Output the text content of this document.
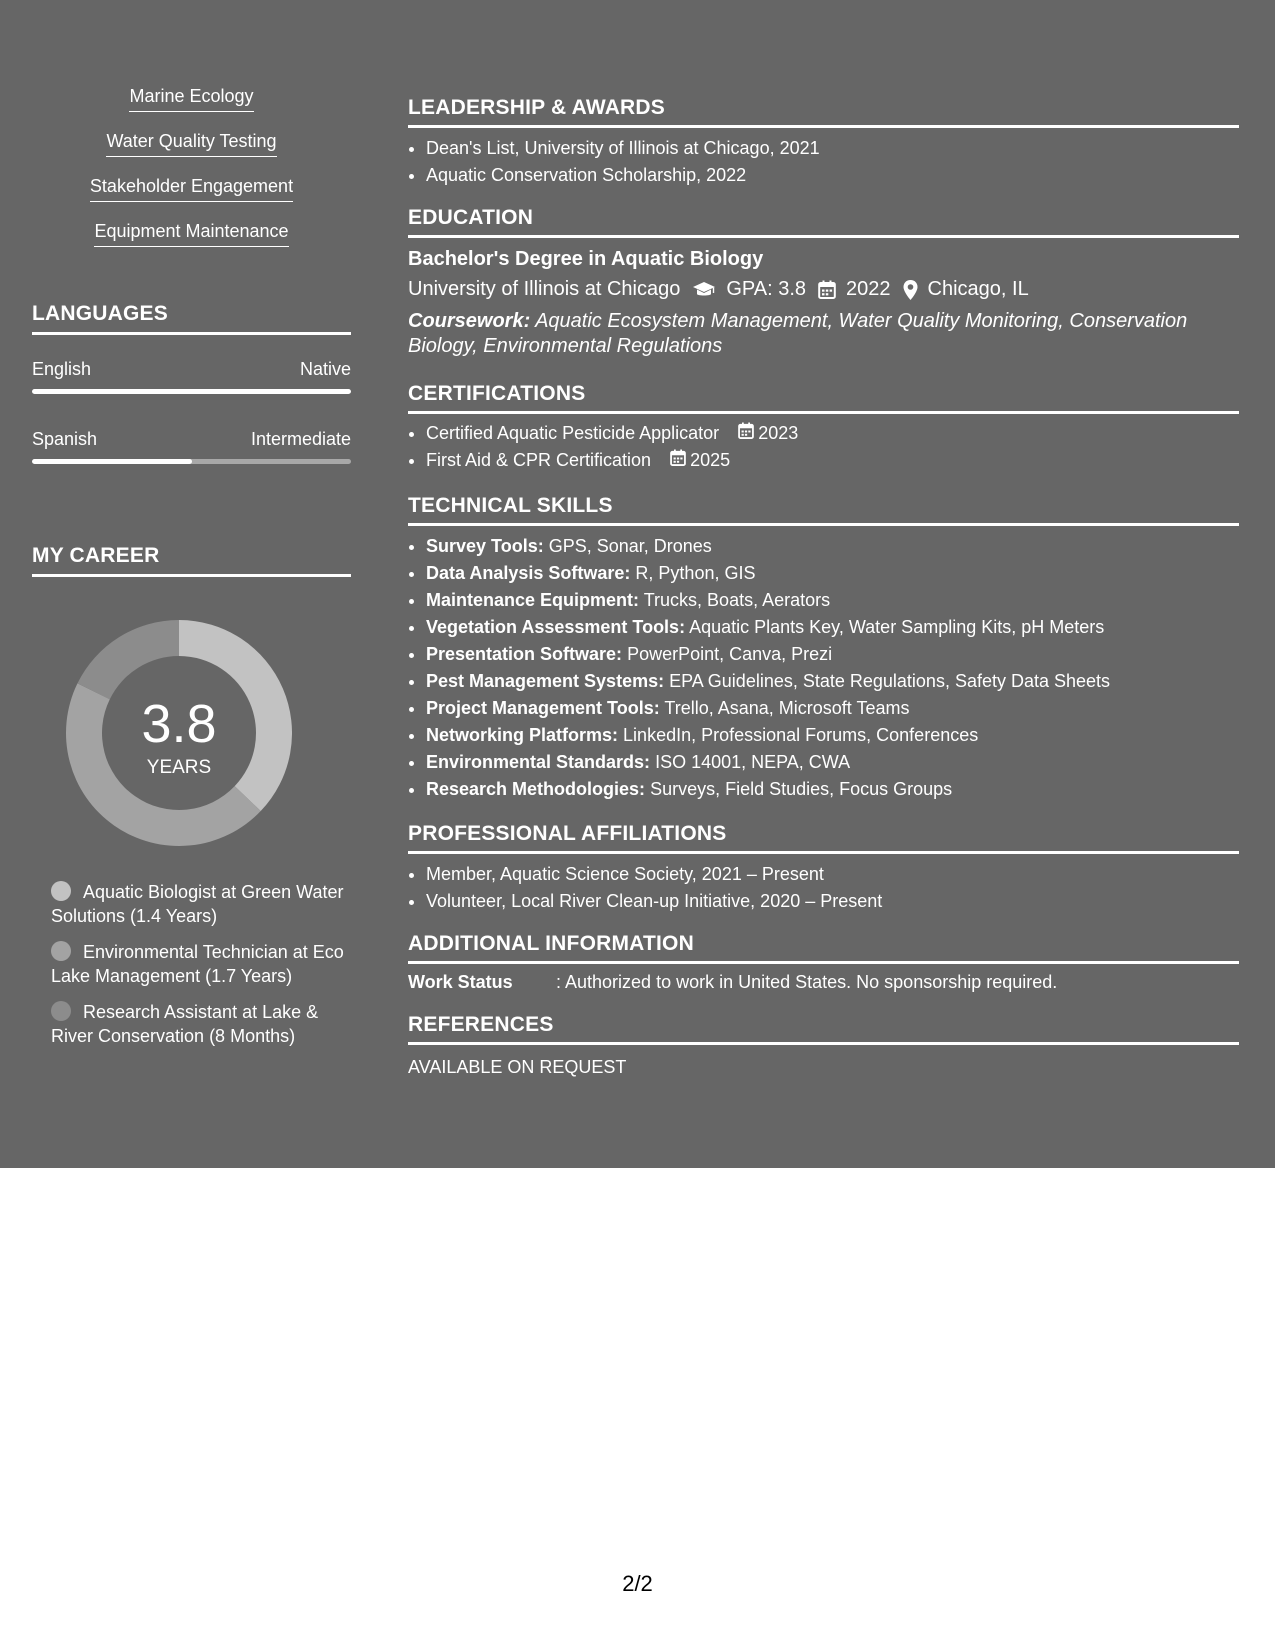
Marine Ecology
Water Quality Testing
Stakeholder Engagement
Equipment Maintenance
LANGUAGES
English	Native
Spanish	Intermediate
MY CAREER
3.8
YEARS
Aquatic Biologist at Green Water Solutions (1.4 Years)
Environmental Technician at Eco Lake Management (1.7 Years)
Research Assistant at Lake & River Conservation (8 Months)
LEADERSHIP & AWARDS
• Dean's List, University of Illinois at Chicago, 2021
• Aquatic Conservation Scholarship, 2022
EDUCATION
Bachelor's Degree in Aquatic Biology
University of Illinois at Chicago GPA: 3.8 2022 Chicago, IL
Coursework: Aquatic Ecosystem Management, Water Quality Monitoring, Conservation Biology, Environmental Regulations
CERTIFICATIONS
• Certified Aquatic Pesticide Applicator 2023
• First Aid & CPR Certification 2025
TECHNICAL SKILLS
• Survey Tools: GPS, Sonar, Drones
• Data Analysis Software: R, Python, GIS
• Maintenance Equipment: Trucks, Boats, Aerators
• Vegetation Assessment Tools: Aquatic Plants Key, Water Sampling Kits, pH Meters
• Presentation Software: PowerPoint, Canva, Prezi
• Pest Management Systems: EPA Guidelines, State Regulations, Safety Data Sheets
• Project Management Tools: Trello, Asana, Microsoft Teams
• Networking Platforms: LinkedIn, Professional Forums, Conferences
• Environmental Standards: ISO 14001, NEPA, CWA
• Research Methodologies: Surveys, Field Studies, Focus Groups
PROFESSIONAL AFFILIATIONS
• Member, Aquatic Science Society, 2021 – Present
• Volunteer, Local River Clean-up Initiative, 2020 – Present
ADDITIONAL INFORMATION
Work Status : Authorized to work in United States. No sponsorship required.
REFERENCES
AVAILABLE ON REQUEST
2/2
